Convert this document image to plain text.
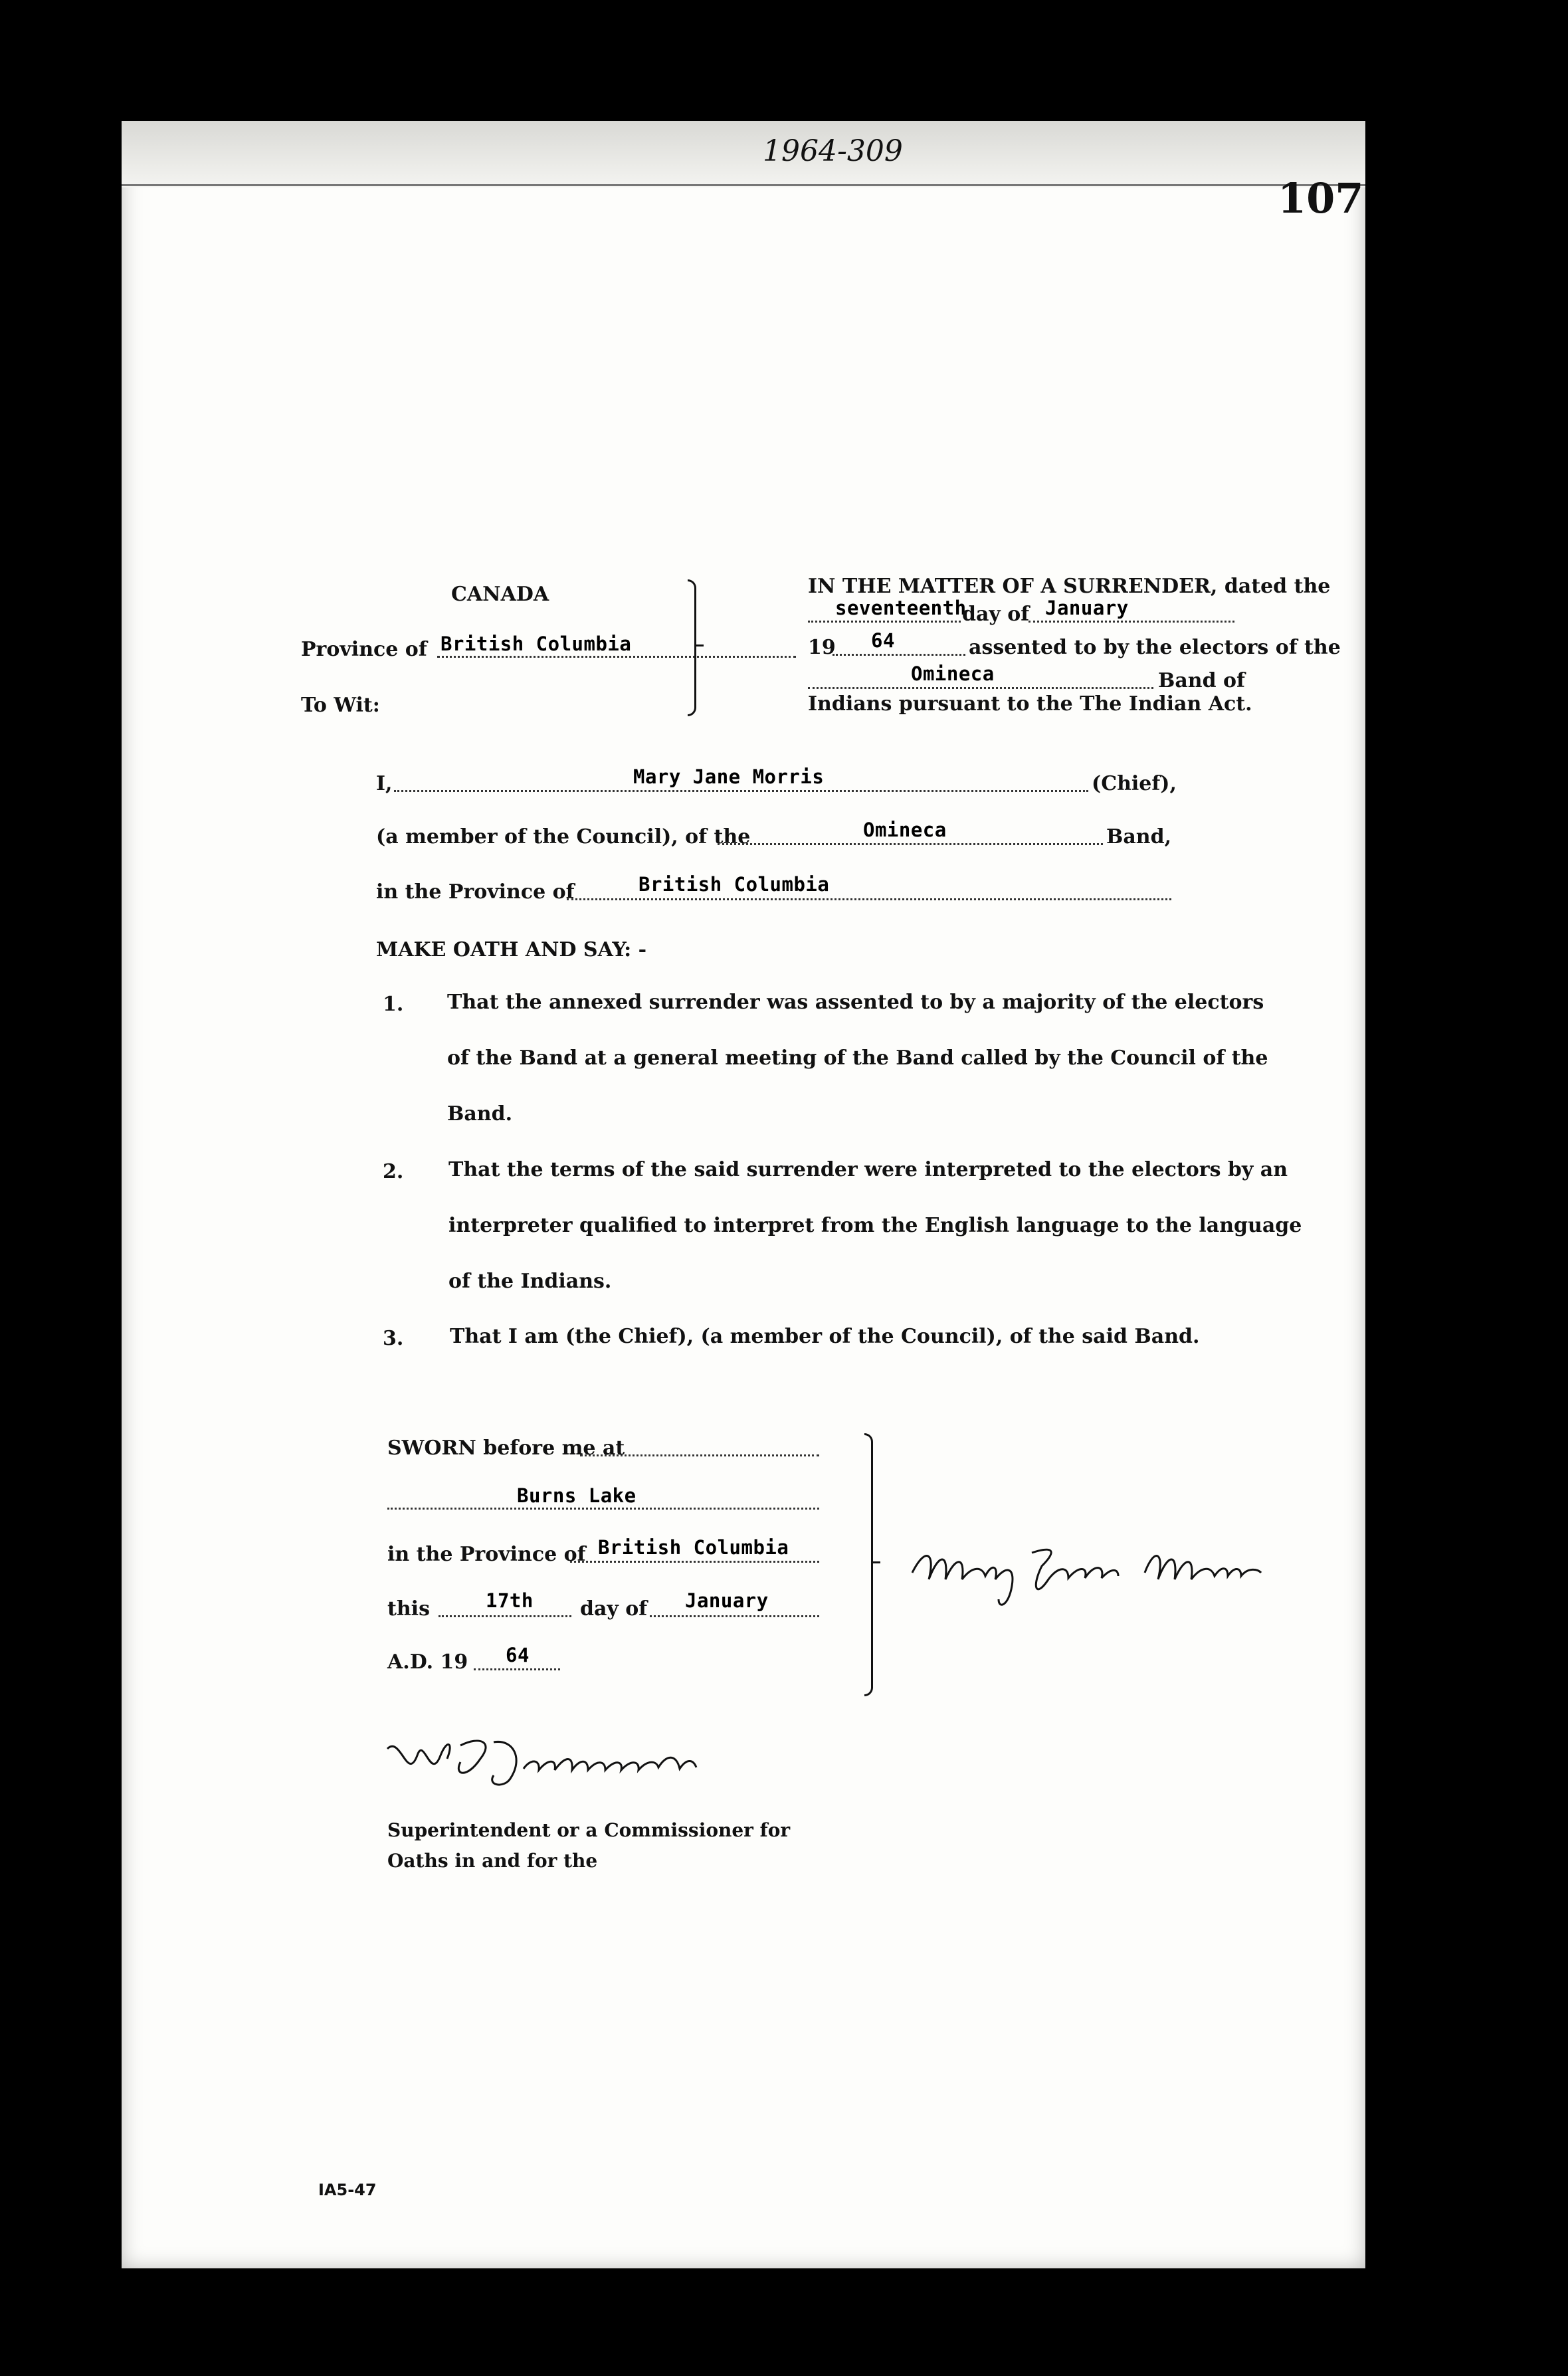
1964-309
107
CANADA
Province of British Columbia
To Wit:
IN THE MATTER OF A SURRENDER, dated the
seventeenth
day of January
19 64	assented to by the electors of the
Omineca	Band of
Indians pursuant to the The Indian Act.
I,	Mary Jane Morris	(Chief),
(a member of the Council), of the	Omineca	Band,
in the Province of	British Columbia
MAKE OATH AND SAY: -
1. That the annexed surrender was assented to by a majority of the electors
of the Band at a general meeting of the Band called by the Council of the
Band.
2. That the terms of the said surrender were interpreted to the electors by an
interpreter qualified to interpret from the English language to the language
of the Indians.
3. That I am (the Chief), (a member of the Council), of the said Band.
SWORN before me at
Burns Lake
in the Province of British Columbia
this	17th day of January
A.D. 19 64
Superintendent or a Commissioner for
Oaths in and for the
IA5-47
